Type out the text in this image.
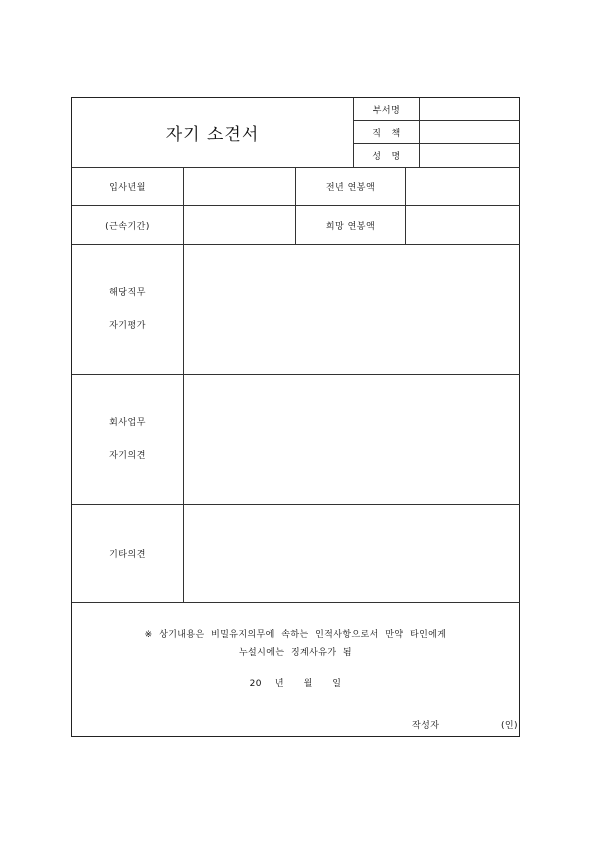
자기 소견서
부서명
직   책
성   명
입사년월	전년 연봉액
(근속기간)	희망 연봉액
해당직무
자기평가
회사업무
자기의견
기타의견
※  상기내용은  비밀유지의무에  속하는  인적사항으로서  만약  타인에게
누설시에는  징계사유가  됨
20    년      월      일
작성자	(인)
